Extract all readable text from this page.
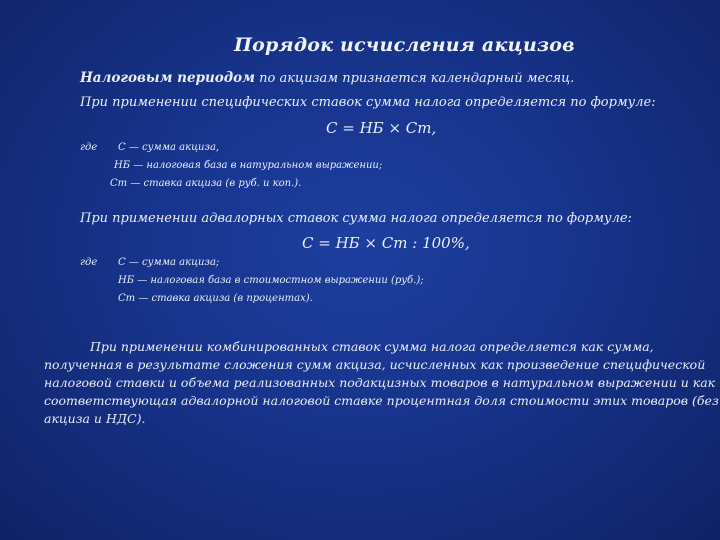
Порядок исчисления акцизов
Налоговым периодом по акцизам признается календарный месяц.
При применении специфических ставок сумма налога определяется по формуле:
С = НБ × Ст,
где С — сумма акциза,
НБ — налоговая база в натуральном выражении;
Ст — ставка акциза (в руб. и коп.).
При применении адвалорных ставок сумма налога определяется по формуле:
С = НБ × Ст : 100%,
где С — сумма акциза;
НБ — налоговая база в стоимостном выражении (руб.);
Ст — ставка акциза (в процентах).
При применении комбинированных ставок сумма налога определяется как сумма,
полученная в результате сложения сумм акциза, исчисленных как произведение специфической
налоговой ставки и объема реализованных подакцизных товаров в натуральном выражении и как
соответствующая адвалорной налоговой ставке процентная доля стоимости этих товаров (без
акциза и НДС).
